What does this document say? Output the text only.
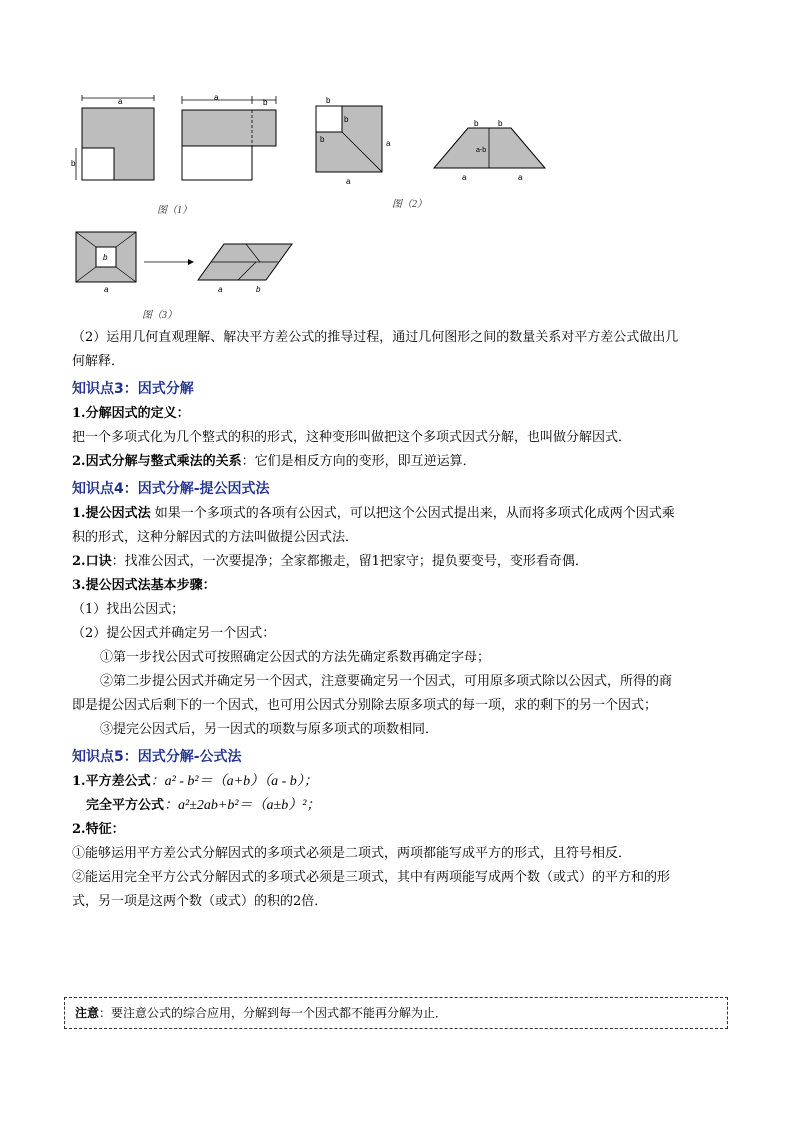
a
b
a
b
图（1）
b
b
b	a
a
b b
a-b
a	a
图（2）
b
a	a	b
图（3）

（2）运用几何直观理解、解决平方差公式的推导过程，通过几何图形之间的数量关系对平方差公式做出几

何解释．

知识点3：因式分解

1.分解因式的定义：

把一个多项式化为几个整式的积的形式，这种变形叫做把这个多项式因式分解，也叫做分解因式．

2.因式分解与整式乘法的关系：它们是相反方向的变形，即互逆运算．

知识点4：因式分解-提公因式法

1.提公因式法 如果一个多项式的各项有公因式，可以把这个公因式提出来，从而将多项式化成两个因式乘

积的形式，这种分解因式的方法叫做提公因式法．

2.口诀：找准公因式，一次要提净；全家都搬走，留1把家守；提负要变号，变形看奇偶．

3.提公因式法基本步骤：

（1）找出公因式；

（2）提公因式并确定另一个因式：

①第一步找公因式可按照确定公因式的方法先确定系数再确定字母；

②第二步提公因式并确定另一个因式，注意要确定另一个因式，可用原多项式除以公因式，所得的商

即是提公因式后剩下的一个因式，也可用公因式分别除去原多项式的每一项，求的剩下的另一个因式；

③提完公因式后，另一因式的项数与原多项式的项数相同．

知识点5：因式分解-公式法

1.平方差公式：a² - b²＝（a+b）（a - b）；

完全平方公式：a²±2ab+b²＝（a±b）²；

2.特征：

①能够运用平方差公式分解因式的多项式必须是二项式，两项都能写成平方的形式，且符号相反．

②能运用完全平方公式分解因式的多项式必须是三项式，其中有两项能写成两个数（或式）的平方和的形

式，另一项是这两个数（或式）的积的2倍．

注意：要注意公式的综合应用，分解到每一个因式都不能再分解为止．
